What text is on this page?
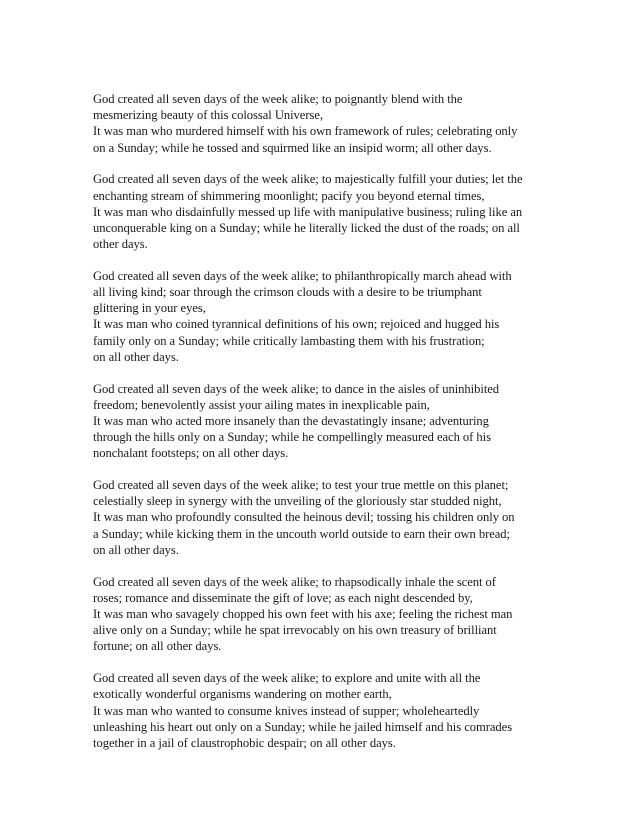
God created all seven days of the week alike; to poignantly blend with the
mesmerizing beauty of this colossal Universe,
It was man who murdered himself with his own framework of rules; celebrating only
on a Sunday; while he tossed and squirmed like an insipid worm; all other days.
God created all seven days of the week alike; to majestically fulfill your duties; let the
enchanting stream of shimmering moonlight; pacify you beyond eternal times,
It was man who disdainfully messed up life with manipulative business; ruling like an
unconquerable king on a Sunday; while he literally licked the dust of the roads; on all
other days.
God created all seven days of the week alike; to philanthropically march ahead with
all living kind; soar through the crimson clouds with a desire to be triumphant
glittering in your eyes,
It was man who coined tyrannical definitions of his own; rejoiced and hugged his
family only on a Sunday; while critically lambasting them with his frustration;
on all other days.
God created all seven days of the week alike; to dance in the aisles of uninhibited
freedom; benevolently assist your ailing mates in inexplicable pain,
It was man who acted more insanely than the devastatingly insane; adventuring
through the hills only on a Sunday; while he compellingly measured each of his
nonchalant footsteps; on all other days.
God created all seven days of the week alike; to test your true mettle on this planet;
celestially sleep in synergy with the unveiling of the gloriously star studded night,
It was man who profoundly consulted the heinous devil; tossing his children only on
a Sunday; while kicking them in the uncouth world outside to earn their own bread;
on all other days.
God created all seven days of the week alike; to rhapsodically inhale the scent of
roses; romance and disseminate the gift of love; as each night descended by,
It was man who savagely chopped his own feet with his axe; feeling the richest man
alive only on a Sunday; while he spat irrevocably on his own treasury of brilliant
fortune; on all other days.
God created all seven days of the week alike; to explore and unite with all the
exotically wonderful organisms wandering on mother earth,
It was man who wanted to consume knives instead of supper; wholeheartedly
unleashing his heart out only on a Sunday; while he jailed himself and his comrades
together in a jail of claustrophobic despair; on all other days.
